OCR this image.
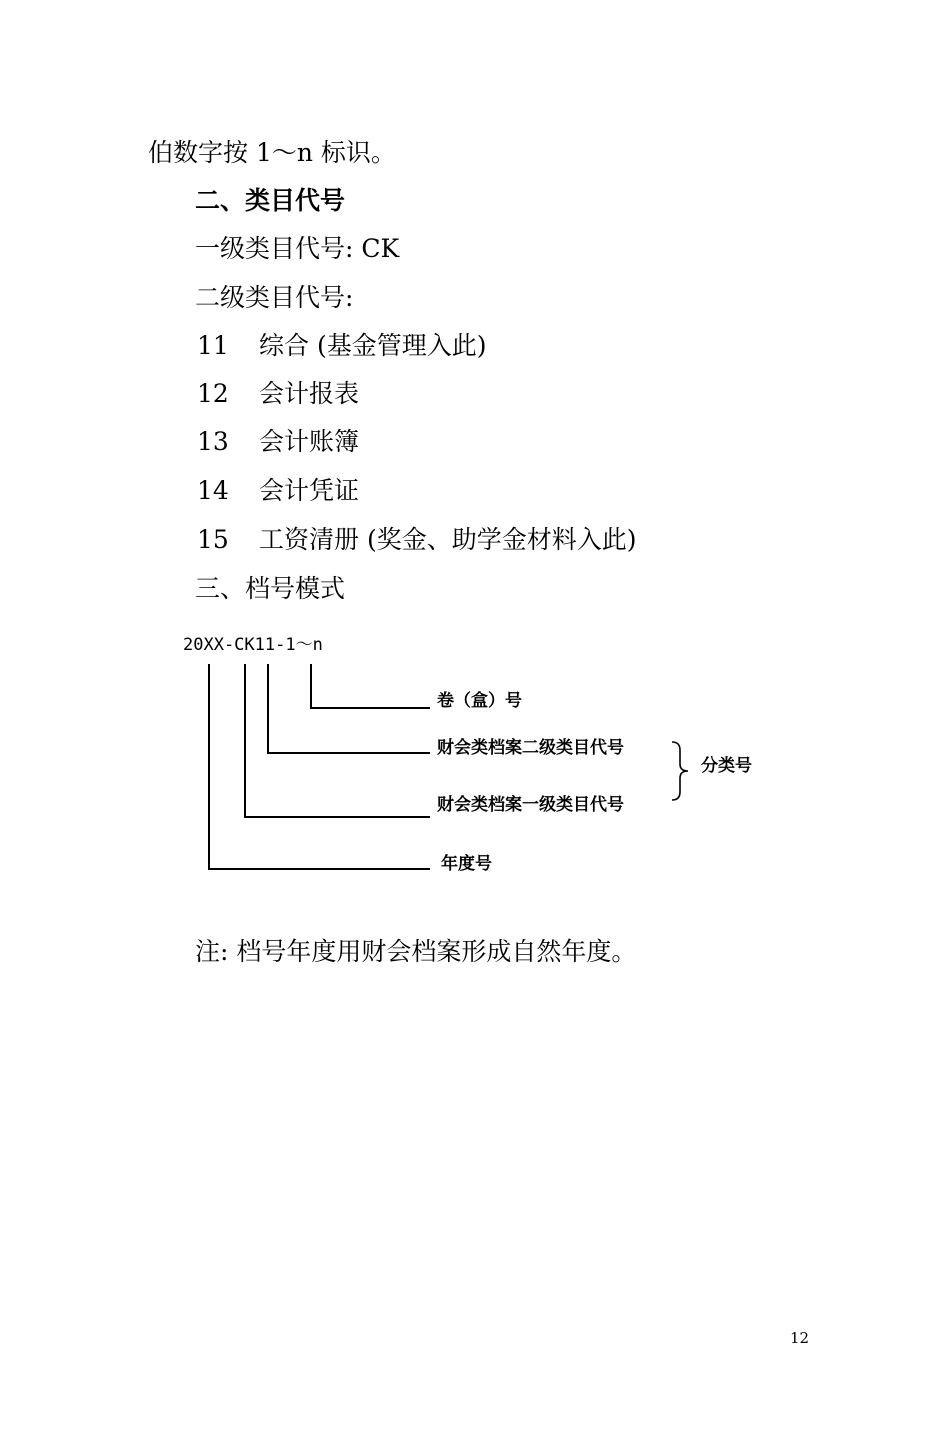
伯数字按 1～n 标识。
二、类目代号
一级类目代号: CK
二级类目代号:
11 综合 (基金管理入此)
12 会计报表
13 会计账簿
14 会计凭证
15 工资清册 (奖金、助学金材料入此)
三、档号模式
20XX-CK11-1～n
卷（盒）号
财会类档案二级类目代号
财会类档案一级类目代号
年度号
分类号
注: 档号年度用财会档案形成自然年度。
12
